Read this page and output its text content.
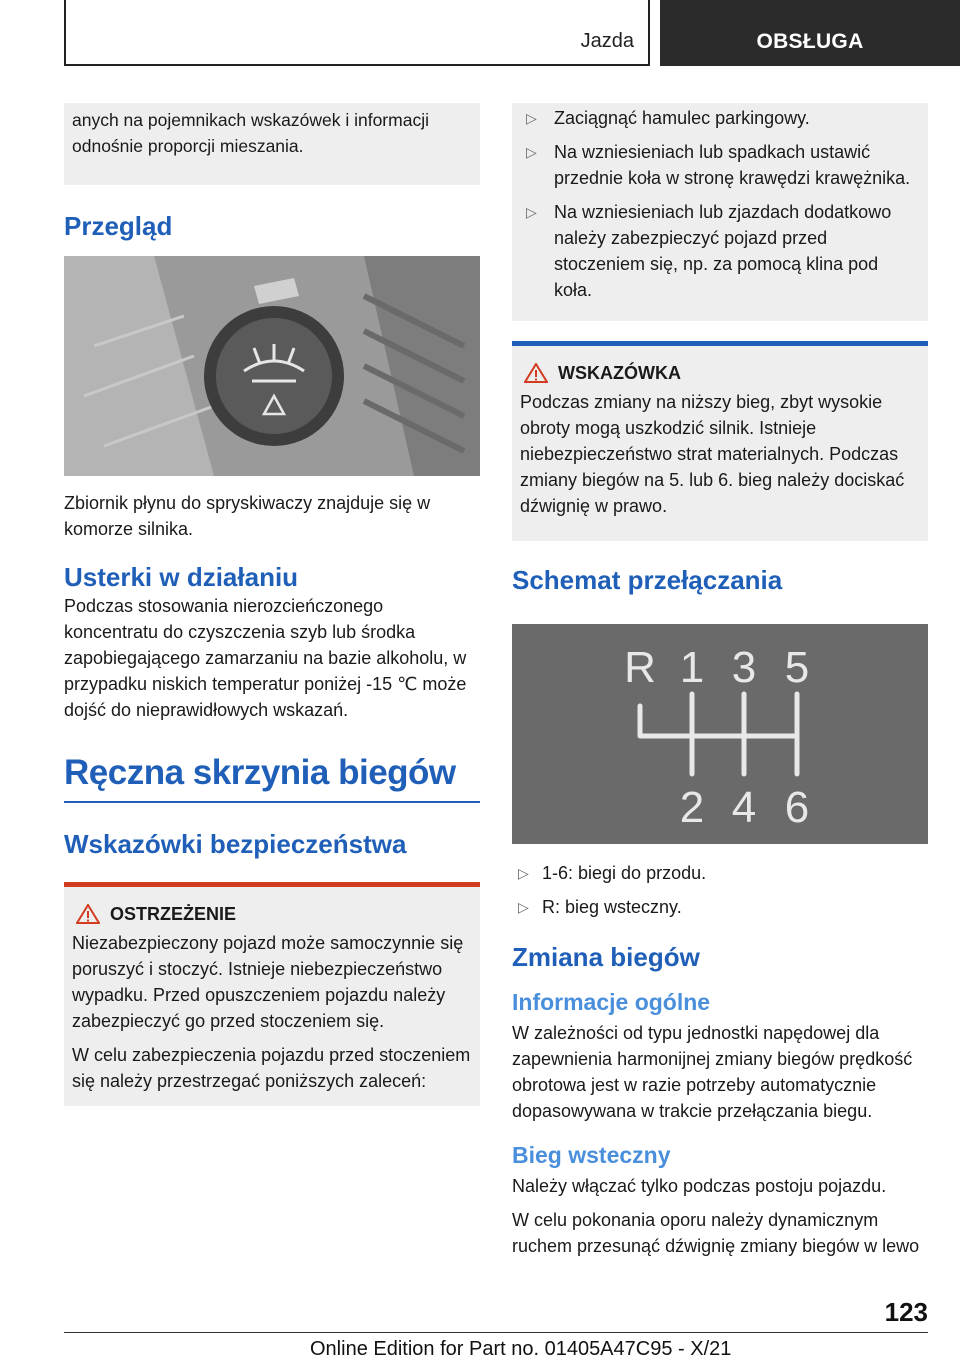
Jazda	OBSŁUGA
anych na pojemnikach wskazówek i informacji odnośnie proporcji mieszania.
Przegląd

Zbiornik płynu do spryskiwaczy znajduje się w komorze silnika.

Usterki w działaniu

Podczas stosowania nierozcieńczonego koncentratu do czyszczenia szyb lub środka zapobiegającego zamarzaniu na bazie alkoholu, w przypadku niskich temperatur poniżej -15 ℃ może dojść do nieprawidłowych wskazań.

Ręczna skrzynia biegów
Wskazówki bezpieczeństwa
OSTRZEŻENIE

Niezabezpieczony pojazd może samoczynnie się poruszyć i stoczyć. Istnieje niebezpieczeństwo wypadku. Przed opuszczeniem pojazdu należy zabezpieczyć go przed stoczeniem się.

W celu zabezpieczenia pojazdu przed stoczeniem się należy przestrzegać poniższych zaleceń:

▷ Zaciągnąć hamulec parkingowy.
▷ Na wzniesieniach lub spadkach ustawić przednie koła w stronę krawędzi krawężnika.
▷ Na wzniesieniach lub zjazdach dodatkowo należy zabezpieczyć pojazd przed stoczeniem się, np. za pomocą klina pod koła.
WSKAZÓWKA

Podczas zmiany na niższy bieg, zbyt wysokie obroty mogą uszkodzić silnik. Istnieje niebezpieczeństwo strat materialnych. Podczas zmiany biegów na 5. lub 6. bieg należy dociskać dźwignię w prawo.

Schemat przełączania
R 1 3 5
2 4 6
▷ 1-6: biegi do przodu.
▷ R: bieg wsteczny.
Zmiana biegów
Informacje ogólne

W zależności od typu jednostki napędowej dla zapewnienia harmonijnej zmiany biegów prędkość obrotowa jest w razie potrzeby automatycznie dopasowywana w trakcie przełączania biegu.

Bieg wsteczny

Należy włączać tylko podczas postoju pojazdu.

W celu pokonania oporu należy dynamicznym ruchem przesunąć dźwignię zmiany biegów w lewo

123
Online Edition for Part no. 01405A47C95 - X/21
